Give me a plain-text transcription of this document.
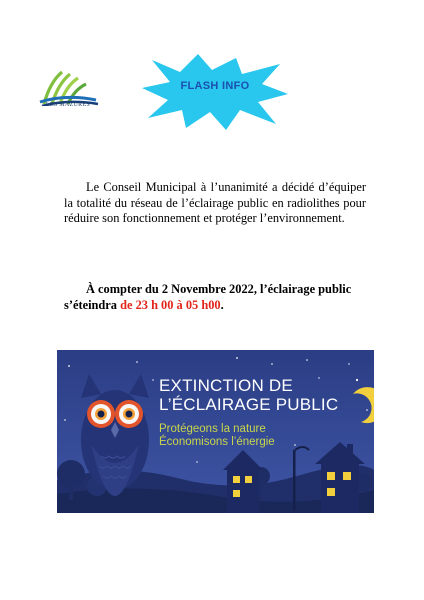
LES MAZURES
FLASH INFO

Le Conseil Municipal à l’unanimité a décidé d’équiper la totalité du réseau de l’éclairage public en radiolithes pour réduire son fonctionnement et protéger l’environnement.

À compter du 2 Novembre 2022, l’éclairage public s’éteindra de 23 h 00 à 05 h00.

EXTINCTION DE
L’ÉCLAIRAGE PUBLIC
Protégeons la nature
Économisons l’énergie
